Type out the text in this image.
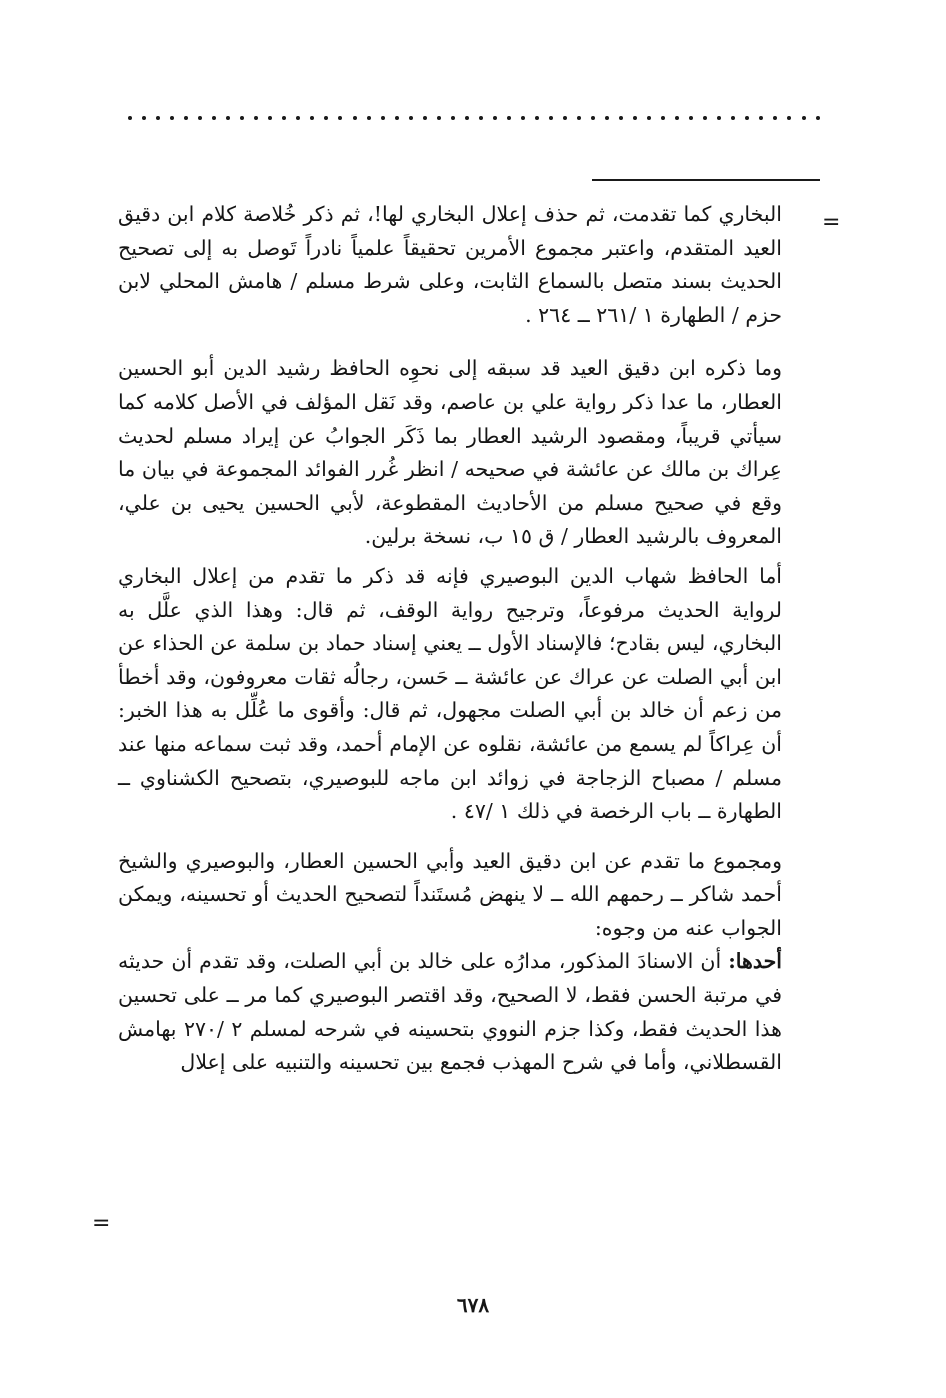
=

البخاري كما تقدمت، ثم حذف إعلال البخاري لها!، ثم ذكر خُلاصة كلام ابن دقيق العيد المتقدم، واعتبر مجموع الأمرين تحقيقاً علمياً نادراً تَوصل به إلى تصحيح الحديث بسند متصل بالسماع الثابت، وعلى شرط مسلم / هامش المحلي لابن حزم / الطهارة ١ /٢٦١ ــ ٢٦٤ .

وما ذكره ابن دقيق العيد قد سبقه إلى نحوِه الحافظ رشيد الدين أبو الحسين العطار، ما عدا ذكر رواية علي بن عاصم، وقد نَقل المؤلف في الأصل كلامه كما سيأتي قريباً، ومقصود الرشيد العطار بما ذَكَر الجوابُ عن إيراد مسلم لحديث عِراك بن مالك عن عائشة في صحيحه / انظر غُرر الفوائد المجموعة في بيان ما وقع في صحيح مسلم من الأحاديث المقطوعة، لأبي الحسين يحيى بن علي، المعروف بالرشيد العطار / ق ١٥ ب، نسخة برلين.

أما الحافظ شهاب الدين البوصيري فإنه قد ذكر ما تقدم من إعلال البخاري لرواية الحديث مرفوعاً، وترجيح رواية الوقف، ثم قال: وهذا الذي علَّل به البخاري، ليس بقادح؛ فالإسناد الأول ــ يعني إسناد حماد بن سلمة عن الحذاء عن ابن أبي الصلت عن عراك عن عائشة ــ حَسن، رجالُه ثقات معروفون، وقد أخطأ من زعم أن خالد بن أبي الصلت مجهول، ثم قال: وأقوى ما عُلِّل به هذا الخبر: أن عِراكاً لم يسمع من عائشة، نقلوه عن الإمام أحمد، وقد ثبت سماعه منها عند مسلم / مصباح الزجاجة في زوائد ابن ماجه للبوصيري، بتصحيح الكشناوي ــ الطهارة ــ باب الرخصة في ذلك ١ /٤٧ .

ومجموع ما تقدم عن ابن دقيق العيد وأبي الحسين العطار، والبوصيري والشيخ أحمد شاكر ــ رحمهم الله ــ لا ينهض مُستَنداً لتصحيح الحديث أو تحسينه، ويمكن الجواب عنه من وجوه:

أحدها: أن الاسنادَ المذكور، مدارُه على خالد بن أبي الصلت، وقد تقدم أن حديثه في مرتبة الحسن فقط، لا الصحيح، وقد اقتصر البوصيري كما مر ــ على تحسين هذا الحديث فقط، وكذا جزم النووي بتحسينه في شرحه لمسلم ٢ /٢٧٠ بهامش القسطلاني، وأما في شرح المهذب فجمع بين تحسينه والتنبيه على إعلال

=
٦٧٨
